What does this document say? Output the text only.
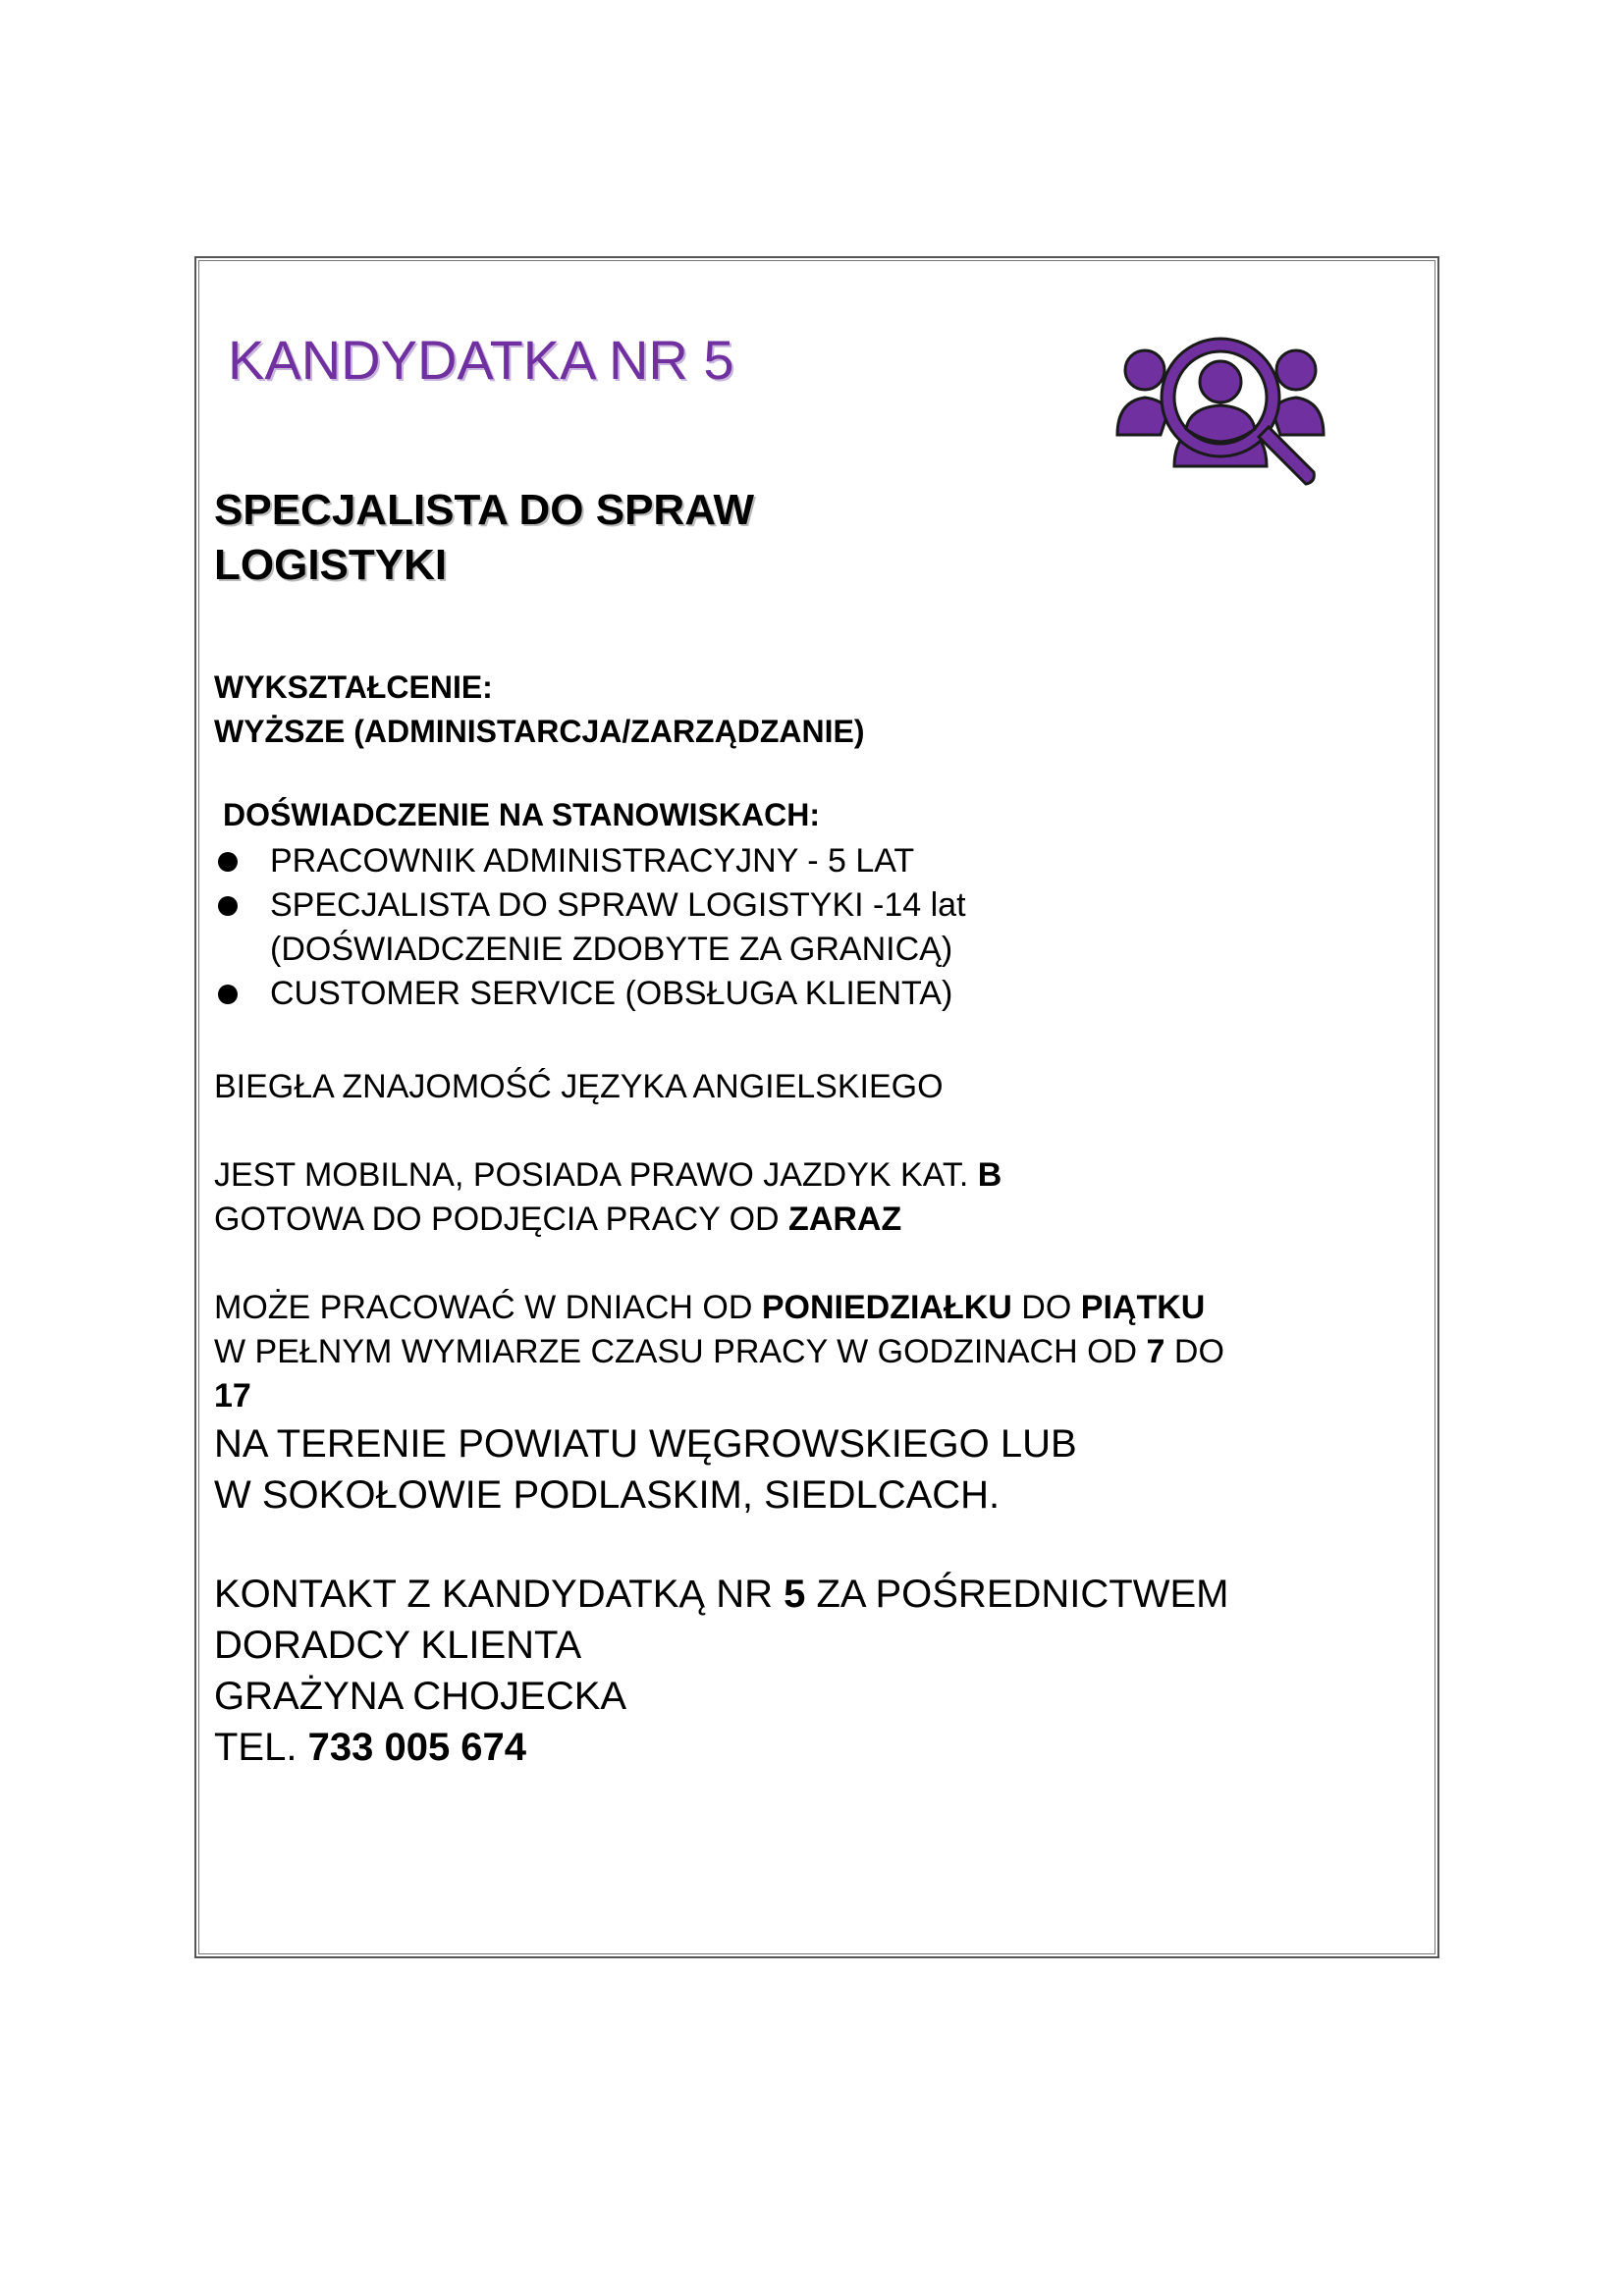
KANDYDATKA NR 5
SPECJALISTA DO SPRAW
LOGISTYKI
WYKSZTAŁCENIE:
WYŻSZE (ADMINISTARCJA/ZARZĄDZANIE)
DOŚWIADCZENIE NA STANOWISKACH:
PRACOWNIK ADMINISTRACYJNY - 5 LAT
SPECJALISTA DO SPRAW LOGISTYKI -14 lat
(DOŚWIADCZENIE ZDOBYTE ZA GRANICĄ)
CUSTOMER SERVICE (OBSŁUGA KLIENTA)
BIEGŁA ZNAJOMOŚĆ JĘZYKA ANGIELSKIEGO
JEST MOBILNA, POSIADA PRAWO JAZDYK KAT. B
GOTOWA DO PODJĘCIA PRACY OD ZARAZ
MOŻE PRACOWAĆ W DNIACH OD PONIEDZIAŁKU DO PIĄTKU
W PEŁNYM WYMIARZE CZASU PRACY W GODZINACH OD 7 DO
17
NA TERENIE POWIATU WĘGROWSKIEGO LUB
W SOKOŁOWIE PODLASKIM, SIEDLCACH.
KONTAKT Z KANDYDATKĄ NR 5 ZA POŚREDNICTWEM
DORADCY KLIENTA
GRAŻYNA CHOJECKA
TEL. 733 005 674
